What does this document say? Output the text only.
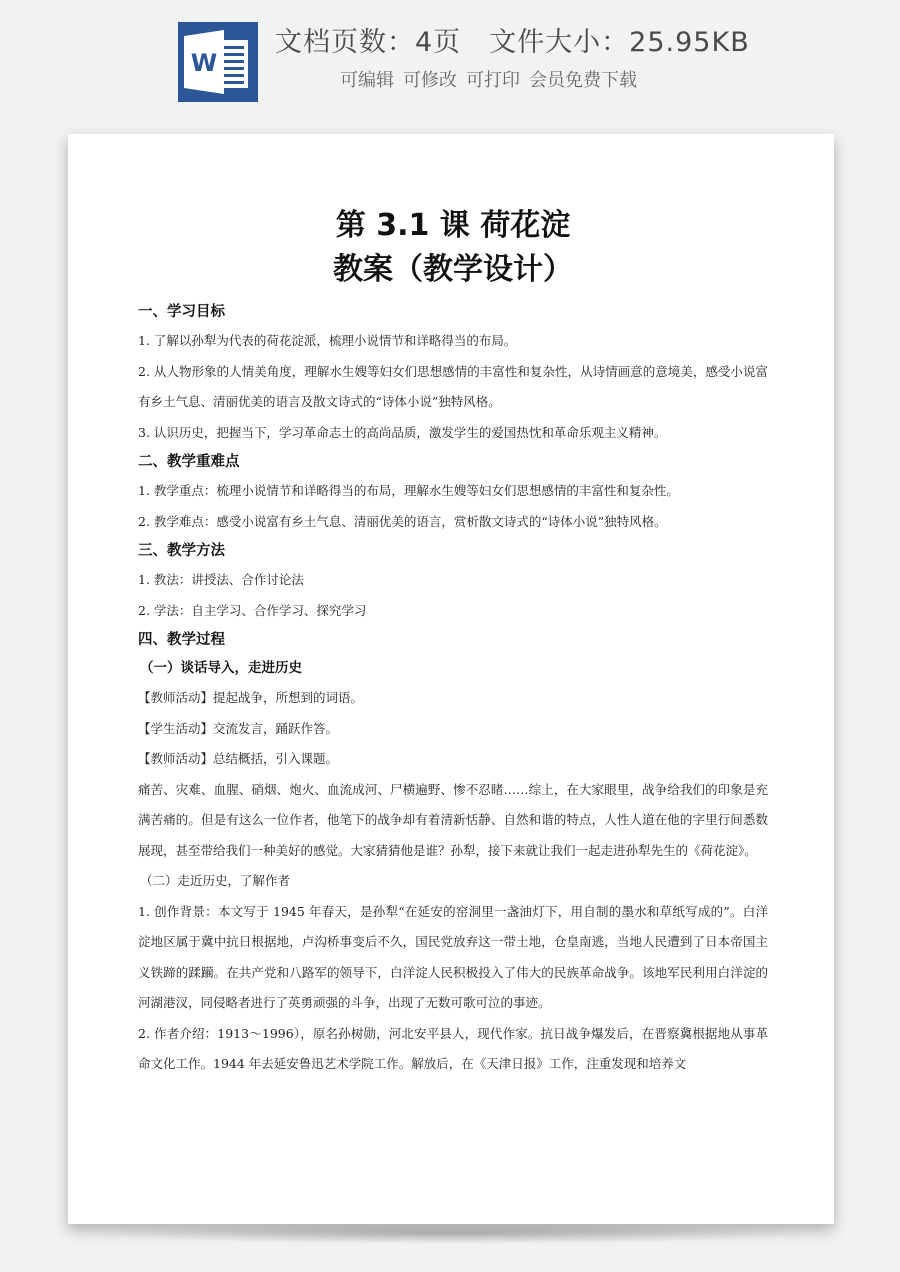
W
文档页数：4页 文件大小：25.95KB
可编辑 可修改 可打印 会员免费下载
第 3.1 课 荷花淀
教案（教学设计）
一、学习目标

1. 了解以孙犁为代表的荷花淀派，梳理小说情节和详略得当的布局。

2. 从人物形象的人情美角度，理解水生嫂等妇女们思想感情的丰富性和复杂性，从诗情画意的意境美，感受小说富有乡土气息、清丽优美的语言及散文诗式的“诗体小说”独特风格。

3. 认识历史，把握当下，学习革命志士的高尚品质，激发学生的爱国热忱和革命乐观主义精神。

二、教学重难点

1. 教学重点：梳理小说情节和详略得当的布局，理解水生嫂等妇女们思想感情的丰富性和复杂性。

2. 教学难点：感受小说富有乡土气息、清丽优美的语言，赏析散文诗式的“诗体小说”独特风格。

三、教学方法

1. 教法：讲授法、合作讨论法

2. 学法：自主学习、合作学习、探究学习

四、教学过程
（一）谈话导入，走进历史

【教师活动】提起战争，所想到的词语。

【学生活动】交流发言，踊跃作答。

【教师活动】总结概括，引入课题。

痛苦、灾难、血腥、硝烟、炮火、血流成河、尸横遍野、惨不忍睹……综上，在大家眼里，战争给我们的印象是充满苦痛的。但是有这么一位作者，他笔下的战争却有着清新恬静、自然和谐的特点，人性人道在他的字里行间悉数展现，甚至带给我们一种美好的感觉。大家猜猜他是谁？孙犁，接下来就让我们一起走进孙犁先生的《荷花淀》。

（二）走近历史，了解作者

1. 创作背景：本文写于 1945 年春天，是孙犁“在延安的窑洞里一盏油灯下，用自制的墨水和草纸写成的”。白洋淀地区属于冀中抗日根据地，卢沟桥事变后不久，国民党放弃这一带土地，仓皇南逃，当地人民遭到了日本帝国主义铁蹄的蹂躏。在共产党和八路军的领导下，白洋淀人民积极投入了伟大的民族革命战争。该地军民利用白洋淀的河湖港汊，同侵略者进行了英勇顽强的斗争，出现了无数可歌可泣的事迹。

2. 作者介绍：1913～1996），原名孙树勋，河北安平县人，现代作家。抗日战争爆发后，在晋察冀根据地从事革命文化工作。1944 年去延安鲁迅艺术学院工作。解放后，在《天津日报》工作，注重发现和培养文
